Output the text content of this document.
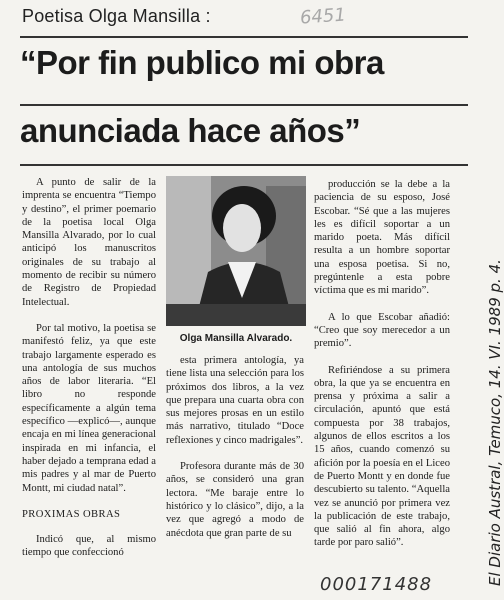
Poetisa Olga Mansilla :	6451
“Por fin publico mi obra
anunciada hace años”

A punto de salir de la imprenta se encuentra “Tiempo y destino”, el primer poemario de la poetisa local Olga Mansilla Alvarado, por lo cual anticipó los manuscritos originales de su trabajo al momento de recibir su número de Registro de Propiedad Intelectual.

Por tal motivo, la poetisa se manifestó feliz, ya que este trabajo largamente esperado es una antología de sus muchos años de labor literaria. “El libro no responde específicamente a algún tema específico —explicó—, aunque encaja en mi línea generacional inspirada en mi infancia, el haber dejado a temprana edad a mis padres y al mar de Puerto Montt, mi ciudad natal”.

PROXIMAS OBRAS

Indicó que, al mismo tiempo que confeccionó

Olga Mansilla Alvarado.

esta primera antología, ya tiene lista una selección para los próximos dos libros, a la vez que prepara una cuarta obra con sus mejores prosas en un estilo más narrativo, titulado “Doce reflexiones y cinco madrigales”.

Profesora durante más de 30 años, se consideró una gran lectora. “Me baraje entre lo histórico y lo clásico”, dijo, a la vez que agregó a modo de anécdota que gran parte de su

producción se la debe a la paciencia de su esposo, José Escobar. “Sé que a las mujeres les es difícil soportar a un marido poeta. Más difícil resulta a un hombre soportar una esposa poetisa. Si no, pregúntenle a esta pobre víctima que es mi marido”.

A lo que Escobar añadió: “Creo que soy merecedor a un premio”.

Refiriéndose a su primera obra, la que ya se encuentra en prensa y próxima a salir a circulación, apuntó que está compuesta por 38 trabajos, algunos de ellos escritos a los 15 años, cuando comenzó su afición por la poesía en el Liceo de Puerto Montt y en donde fue descubierto su talento. “Aquella vez se anunció por primera vez la publicación de este trabajo, que salió al fin ahora, algo tarde por paro salió”.	El Diario Austral, Temuco, 14. VI. 1989 p. 4.
000171488
